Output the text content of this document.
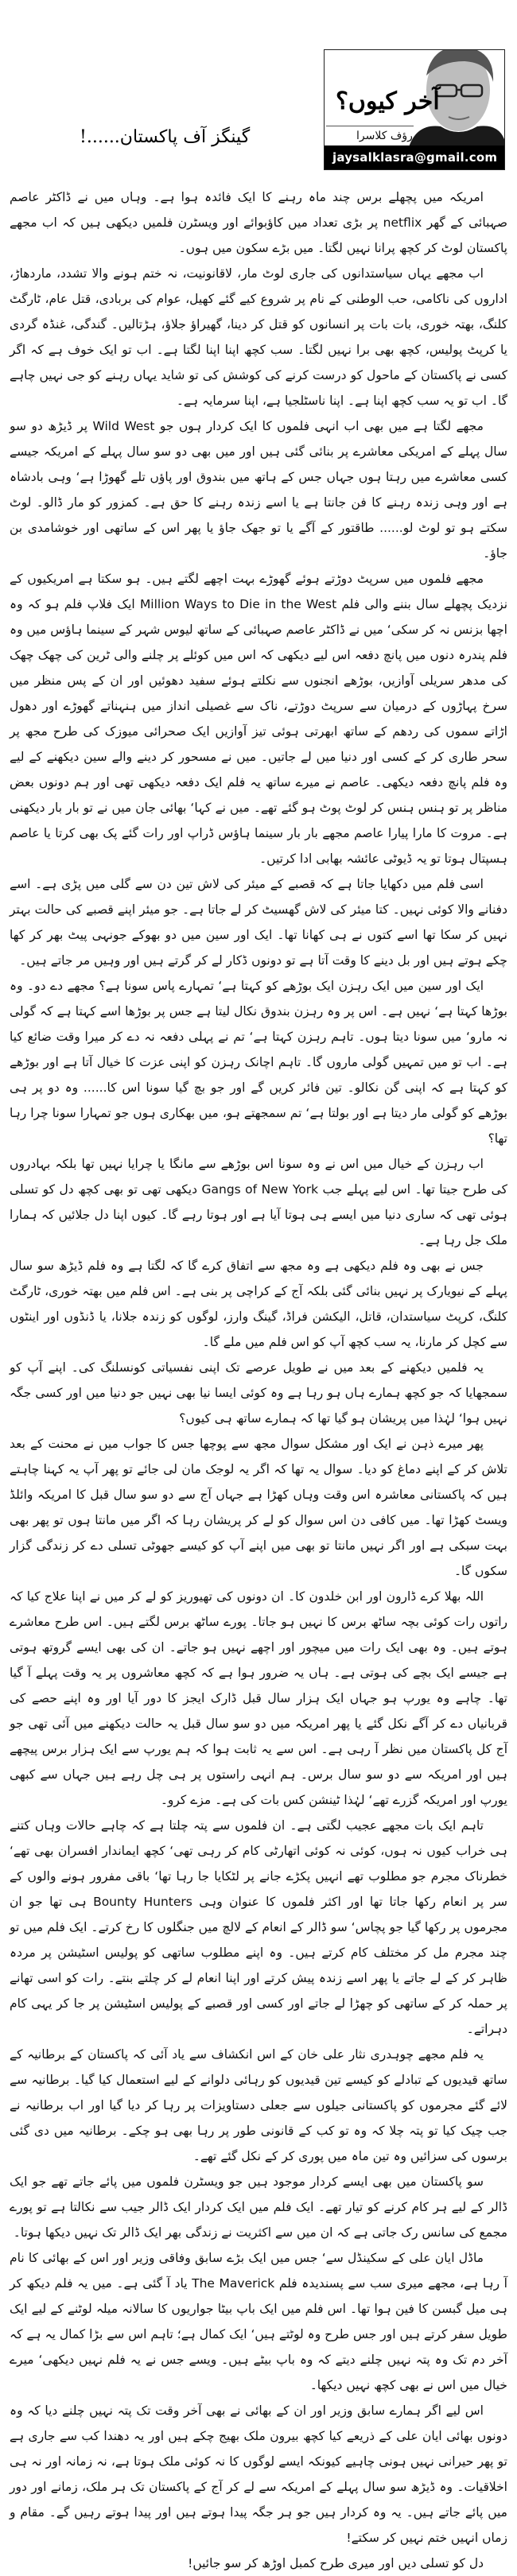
آخر کیوں؟
رؤف کلاسرا
jaysalklasra@gmail.com
گینگز آف پاکستان......!

امریکہ میں پچھلے برس چند ماہ رہنے کا ایک فائدہ ہوا ہے۔ وہاں میں نے ڈاکٹر عاصم صہبائی کے گھر netflix پر بڑی تعداد میں کاؤبوائے اور ویسٹرن فلمیں دیکھی ہیں کہ اب مجھے پاکستان لوٹ کر کچھ پرانا نہیں لگتا۔ میں بڑے سکون میں ہوں۔

اب مجھے یہاں سیاستدانوں کی جاری لوٹ مار، لاقانونیت، نہ ختم ہونے والا تشدد، ماردھاڑ، اداروں کی ناکامی، حب الوطنی کے نام پر شروع کیے گئے کھیل، عوام کی بربادی، قتل عام، ٹارگٹ کلنگ، بھتہ خوری، بات بات پر انسانوں کو قتل کر دینا، گھیراؤ جلاؤ، ہڑتالیں۔ گندگی، غنڈہ گردی یا کرپٹ پولیس، کچھ بھی برا نہیں لگتا۔ سب کچھ اپنا اپنا لگتا ہے۔ اب تو ایک خوف ہے کہ اگر کسی نے پاکستان کے ماحول کو درست کرنے کی کوشش کی تو شاید یہاں رہنے کو جی نہیں چاہے گا۔ اب تو یہ سب کچھ اپنا ہے۔ اپنا ناسٹلجیا ہے، اپنا سرمایہ ہے۔

مجھے لگتا ہے میں بھی اب انہی فلموں کا ایک کردار ہوں جو Wild West پر ڈیڑھ دو سو سال پہلے کے امریکی معاشرے پر بنائی گئی ہیں اور میں بھی دو سو سال پہلے کے امریکہ جیسے کسی معاشرے میں رہتا ہوں جہاں جس کے ہاتھ میں بندوق اور پاؤں تلے گھوڑا ہے‘ وہی بادشاہ ہے اور وہی زندہ رہنے کا فن جانتا ہے یا اسے زندہ رہنے کا حق ہے۔ کمزور کو مار ڈالو۔ لوٹ سکتے ہو تو لوٹ لو...... طاقتور کے آگے یا تو جھک جاؤ یا پھر اس کے ساتھی اور خوشامدی بن جاؤ۔

مجھے فلموں میں سرپٹ دوڑتے ہوئے گھوڑے بہت اچھے لگتے ہیں۔ ہو سکتا ہے امریکیوں کے نزدیک پچھلے سال بننے والی فلم Million Ways to Die in the West ایک فلاپ فلم ہو کہ وہ اچھا بزنس نہ کر سکی‘ میں نے ڈاکٹر عاصم صہبائی کے ساتھ لیوس شہر کے سینما ہاؤس میں وہ فلم پندرہ دنوں میں پانچ دفعہ اس لیے دیکھی کہ اس میں کوئلے پر چلنے والی ٹرین کی چھک چھک کی مدھر سریلی آوازیں، بوڑھے انجنوں سے نکلتے ہوئے سفید دھوئیں اور ان کے پس منظر میں سرخ پہاڑوں کے درمیان سے سرپٹ دوڑتے، ناک سے غصیلی انداز میں ہنہناتے گھوڑے اور دھول اڑاتے سموں کی ردھم کے ساتھ ابھرتی ہوئی تیز آوازیں ایک صحرائی میوزک کی طرح مجھ پر سحر طاری کر کے کسی اور دنیا میں لے جاتیں۔ میں نے مسحور کر دینے والے سین دیکھنے کے لیے وہ فلم پانچ دفعہ دیکھی۔ عاصم نے میرے ساتھ یہ فلم ایک دفعہ دیکھی تھی اور ہم دونوں بعض مناظر پر تو ہنس ہنس کر لوٹ پوٹ ہو گئے تھے۔ میں نے کہا‘ بھائی جان میں نے تو بار بار دیکھنی ہے۔ مروت کا مارا پیارا عاصم مجھے بار بار سینما ہاؤس ڈراپ اور رات گئے پک بھی کرتا یا عاصم ہسپتال ہوتا تو یہ ڈیوٹی عائشہ بھابی ادا کرتیں۔

اسی فلم میں دکھایا جاتا ہے کہ قصبے کے میئر کی لاش تین دن سے گلی میں پڑی ہے۔ اسے دفنانے والا کوئی نہیں۔ کتا میئر کی لاش گھسیٹ کر لے جاتا ہے۔ جو میئر اپنے قصبے کی حالت بہتر نہیں کر سکا تھا اسے کتوں نے ہی کھانا تھا۔ ایک اور سین میں دو بھوکے جونہی پیٹ بھر کر کھا چکے ہوتے ہیں اور بل دینے کا وقت آتا ہے تو دونوں ڈکار لے کر گرتے ہیں اور وہیں مر جاتے ہیں۔

ایک اور سین میں ایک رہزن ایک بوڑھے کو کہتا ہے‘ تمہارے پاس سونا ہے؟ مجھے دے دو۔ وہ بوڑھا کہتا ہے‘ نہیں ہے۔ اس پر وہ رہزن بندوق نکال لیتا ہے جس پر بوڑھا اسے کہتا ہے کہ گولی نہ مارو‘ میں سونا دیتا ہوں۔ تاہم رہزن کہتا ہے‘ تم نے پہلی دفعہ نہ دے کر میرا وقت ضائع کیا ہے۔ اب تو میں تمہیں گولی ماروں گا۔ تاہم اچانک رہزن کو اپنی عزت کا خیال آتا ہے اور بوڑھے کو کہتا ہے کہ اپنی گن نکالو۔ تین فائر کریں گے اور جو بچ گیا سونا اس کا...... وہ دو پر ہی بوڑھے کو گولی مار دیتا ہے اور بولتا ہے‘ تم سمجھتے ہو، میں بھکاری ہوں جو تمہارا سونا چرا رہا تھا؟

اب رہزن کے خیال میں اس نے وہ سونا اس بوڑھے سے مانگا یا چرایا نہیں تھا بلکہ بہادروں کی طرح جیتا تھا۔ اس لیے پہلے جب Gangs of New York دیکھی تھی تو بھی کچھ دل کو تسلی ہوئی تھی کہ ساری دنیا میں ایسے ہی ہوتا آیا ہے اور ہوتا رہے گا۔ کیوں اپنا دل جلائیں کہ ہمارا ملک جل رہا ہے۔

جس نے بھی وہ فلم دیکھی ہے وہ مجھ سے اتفاق کرے گا کہ لگتا ہے وہ فلم ڈیڑھ سو سال پہلے کے نیویارک پر نہیں بنائی گئی بلکہ آج کے کراچی پر بنی ہے۔ اس فلم میں بھتہ خوری، ٹارگٹ کلنگ، کرپٹ سیاستدان، قاتل، الیکشن فراڈ، گینگ وارز، لوگوں کو زندہ جلانا، یا ڈنڈوں اور اینٹوں سے کچل کر مارنا، یہ سب کچھ آپ کو اس فلم میں ملے گا۔

یہ فلمیں دیکھنے کے بعد میں نے طویل عرصے تک اپنی نفسیاتی کونسلنگ کی۔ اپنے آپ کو سمجھایا کہ جو کچھ ہمارے ہاں ہو رہا ہے وہ کوئی ایسا نیا بھی نہیں جو دنیا میں اور کسی جگہ نہیں ہوا‘ لہٰذا میں پریشان ہو گیا تھا کہ ہمارے ساتھ ہی کیوں؟

پھر میرے ذہن نے ایک اور مشکل سوال مجھ سے پوچھا جس کا جواب میں نے محنت کے بعد تلاش کر کے اپنے دماغ کو دیا۔ سوال یہ تھا کہ اگر یہ لوجک مان لی جائے تو پھر آپ یہ کہنا چاہتے ہیں کہ پاکستانی معاشرہ اس وقت وہاں کھڑا ہے جہاں آج سے دو سو سال قبل کا امریکہ وائلڈ ویسٹ کھڑا تھا۔ میں کافی دن اس سوال کو لے کر پریشان رہا کہ اگر میں مانتا ہوں تو پھر بھی بہت سبکی ہے اور اگر نہیں مانتا تو بھی میں اپنے آپ کو کیسے جھوٹی تسلی دے کر زندگی گزار سکوں گا۔

اللہ بھلا کرے ڈارون اور ابن خلدون کا۔ ان دونوں کی تھیوریز کو لے کر میں نے اپنا علاج کیا کہ راتوں رات کوئی بچہ ساٹھ برس کا نہیں ہو جاتا۔ پورے ساٹھ برس لگتے ہیں۔ اس طرح معاشرے ہوتے ہیں۔ وہ بھی ایک رات میں میچور اور اچھے نہیں ہو جاتے۔ ان کی بھی ایسے گروتھ ہوتی ہے جیسے ایک بچے کی ہوتی ہے۔ ہاں یہ ضرور ہوا ہے کہ کچھ معاشروں پر یہ وقت پہلے آ گیا تھا۔ چاہے وہ یورپ ہو جہاں ایک ہزار سال قبل ڈارک ایجز کا دور آیا اور وہ اپنے حصے کی قربانیاں دے کر آگے نکل گئے یا پھر امریکہ میں دو سو سال قبل یہ حالت دیکھنے میں آئی تھی جو آج کل پاکستان میں نظر آ رہی ہے۔ اس سے یہ ثابت ہوا کہ ہم یورپ سے ایک ہزار برس پیچھے ہیں اور امریکہ سے دو سو سال برس۔ ہم انہی راستوں پر ہی چل رہے ہیں جہاں سے کبھی یورپ اور امریکہ گزرے تھے‘ لہٰذا ٹینشن کس بات کی ہے۔ مزے کرو۔

تاہم ایک بات مجھے عجیب لگتی ہے۔ ان فلموں سے پتہ چلتا ہے کہ چاہے حالات وہاں کتنے ہی خراب کیوں نہ ہوں، کوئی نہ کوئی اتھارٹی کام کر رہی تھی‘ کچھ ایماندار افسران بھی تھے‘ خطرناک مجرم جو مطلوب تھے انہیں پکڑے جانے پر لٹکایا جا رہا تھا‘ باقی مفرور ہونے والوں کے سر پر انعام رکھا جاتا تھا اور اکثر فلموں کا عنوان وہی Bounty Hunters ہی تھا جو ان مجرموں پر رکھا گیا جو پچاس‘ سو ڈالر کے انعام کے لالچ میں جنگلوں کا رخ کرتے۔ ایک فلم میں تو چند مجرم مل کر مختلف کام کرتے ہیں۔ وہ اپنے مطلوب ساتھی کو پولیس اسٹیشن پر مردہ ظاہر کر کے لے جاتے یا پھر اسے زندہ پیش کرتے اور اپنا انعام لے کر چلتے بنتے۔ رات کو اسی تھانے پر حملہ کر کے ساتھی کو چھڑا لے جاتے اور کسی اور قصبے کے پولیس اسٹیشن پر جا کر یہی کام دہراتے۔

یہ فلم مجھے چوہدری نثار علی خان کے اس انکشاف سے یاد آئی کہ پاکستان کے برطانیہ کے ساتھ قیدیوں کے تبادلے کو کیسے تین قیدیوں کو رہائی دلوانے کے لیے استعمال کیا گیا۔ برطانیہ سے لائے گئے مجرموں کو پاکستانی جیلوں سے جعلی دستاویزات پر رہا کر دیا گیا اور اب برطانیہ نے جب چیک کیا تو پتہ چلا کہ وہ تو کب کے قانونی طور پر رہا بھی ہو چکے۔ برطانیہ میں دی گئی برسوں کی سزائیں وہ تین ماہ میں پوری کر کے نکل گئے تھے۔

سو پاکستان میں بھی ایسے کردار موجود ہیں جو ویسٹرن فلموں میں پائے جاتے تھے جو ایک ڈالر کے لیے ہر کام کرنے کو تیار تھے۔ ایک فلم میں ایک کردار ایک ڈالر جیب سے نکالتا ہے تو پورے مجمع کی سانس رک جاتی ہے کہ ان میں سے اکثریت نے زندگی بھر ایک ڈالر تک نہیں دیکھا ہوتا۔

ماڈل ایان علی کے سکینڈل سے‘ جس میں ایک بڑے سابق وفاقی وزیر اور اس کے بھائی کا نام آ رہا ہے، مجھے میری سب سے پسندیدہ فلم The Maverick یاد آ گئی ہے۔ میں یہ فلم دیکھ کر ہی میل گبسن کا فین ہوا تھا۔ اس فلم میں ایک باپ بیٹا جواریوں کا سالانہ میلہ لوٹنے کے لیے ایک طویل سفر کرتے ہیں اور جس طرح وہ لوٹتے ہیں‘ ایک کمال ہے؛ تاہم اس سے بڑا کمال یہ ہے کہ آخر دم تک وہ پتہ نہیں چلنے دیتے کہ وہ باپ بیٹے ہیں۔ ویسے جس نے یہ فلم نہیں دیکھی‘ میرے خیال میں اس نے بھی کچھ نہیں دیکھا۔

اس لیے اگر ہمارے سابق وزیر اور ان کے بھائی نے بھی آخر وقت تک پتہ نہیں چلنے دیا کہ وہ دونوں بھائی ایان علی کے ذریعے کیا کچھ بیرون ملک بھیج چکے ہیں اور یہ دھندا کب سے جاری ہے تو پھر حیرانی نہیں ہونی چاہیے کیونکہ ایسے لوگوں کا نہ کوئی ملک ہوتا ہے، نہ زمانہ اور نہ ہی اخلاقیات۔ وہ ڈیڑھ سو سال پہلے کے امریکہ سے لے کر آج کے پاکستان تک ہر ملک، زمانے اور دور میں پائے جاتے ہیں۔ یہ وہ کردار ہیں جو ہر جگہ پیدا ہوتے ہیں اور پیدا ہوتے رہیں گے۔ مقام و زماں انہیں ختم نہیں کر سکتے!

دل کو تسلی دیں اور میری طرح کمبل اوڑھ کر سو جائیں!
